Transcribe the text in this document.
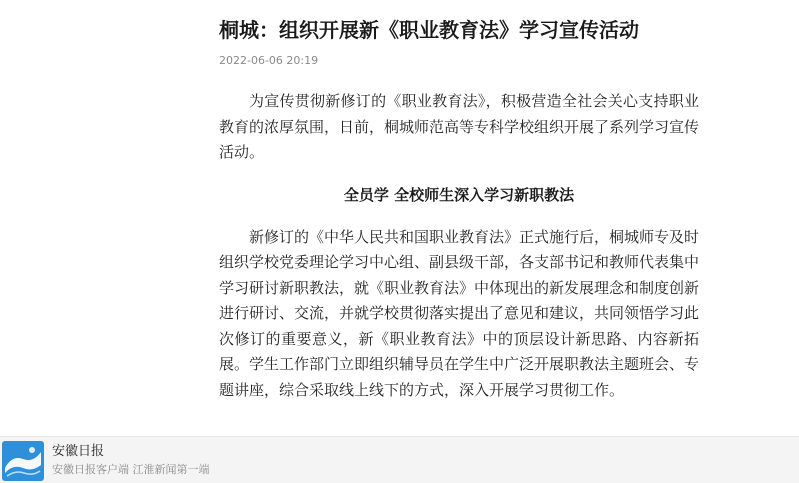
桐城：组织开展新《职业教育法》学习宣传活动
2022-06-06 20:19

为宣传贯彻新修订的《职业教育法》，积极营造全社会关心支持职业教育的浓厚氛围，日前，桐城师范高等专科学校组织开展了系列学习宣传活动。

全员学 全校师生深入学习新职教法

新修订的《中华人民共和国职业教育法》正式施行后，桐城师专及时组织学校党委理论学习中心组、副县级干部，各支部书记和教师代表集中学习研讨新职教法，就《职业教育法》中体现出的新发展理念和制度创新进行研讨、交流，并就学校贯彻落实提出了意见和建议，共同领悟学习此次修订的重要意义，新《职业教育法》中的顶层设计新思路、内容新拓展。学生工作部门立即组织辅导员在学生中广泛开展职教法主题班会、专题讲座，综合采取线上线下的方式，深入开展学习贯彻工作。

安徽日报
安徽日报客户端 江淮新闻第一端
